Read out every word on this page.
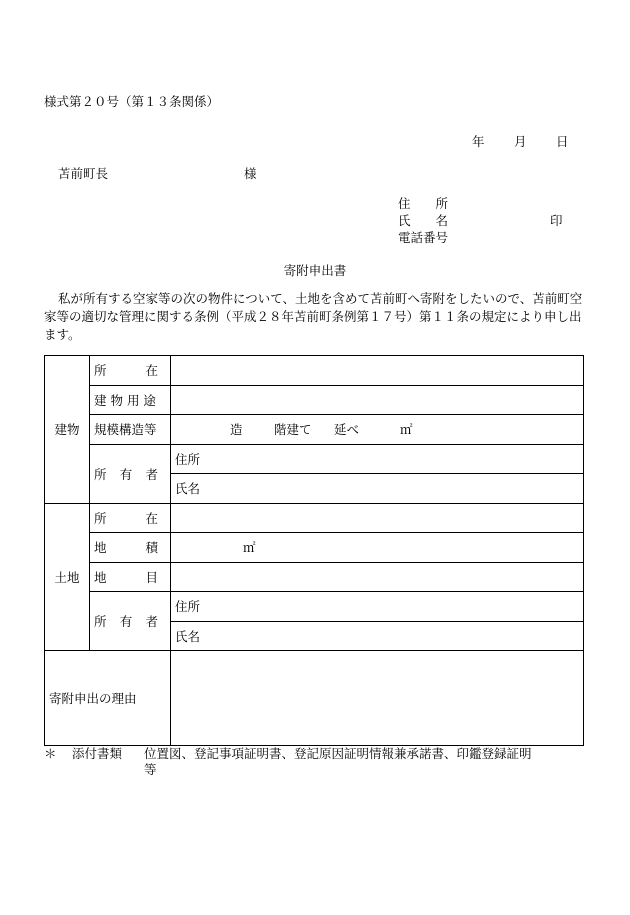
様式第２０号（第１３条関係）
年 月 日
苫前町長	様
住　　所
氏　　名	印
電話番号
寄附申出書
私が所有する空家等の次の物件について、土地を含めて苫前町へ寄附をしたいので、苫前町空家等の適切な管理に関する条例（平成２８年苫前町条例第１７号）第１１条の規定により申し出ます。
建物	所 在	

	建 物 用 途	
	規模構造等	造 階建て 延べ ㎡

	所 有 者	住所
		氏名
土地	所 在	

	地 積	㎡

	地 目	

	所 有 者	住所
		氏名
寄附申出の理由		
＊ 添付書類 位置図、登記事項証明書、登記原因証明情報兼承諾書、印鑑登録証明
等
